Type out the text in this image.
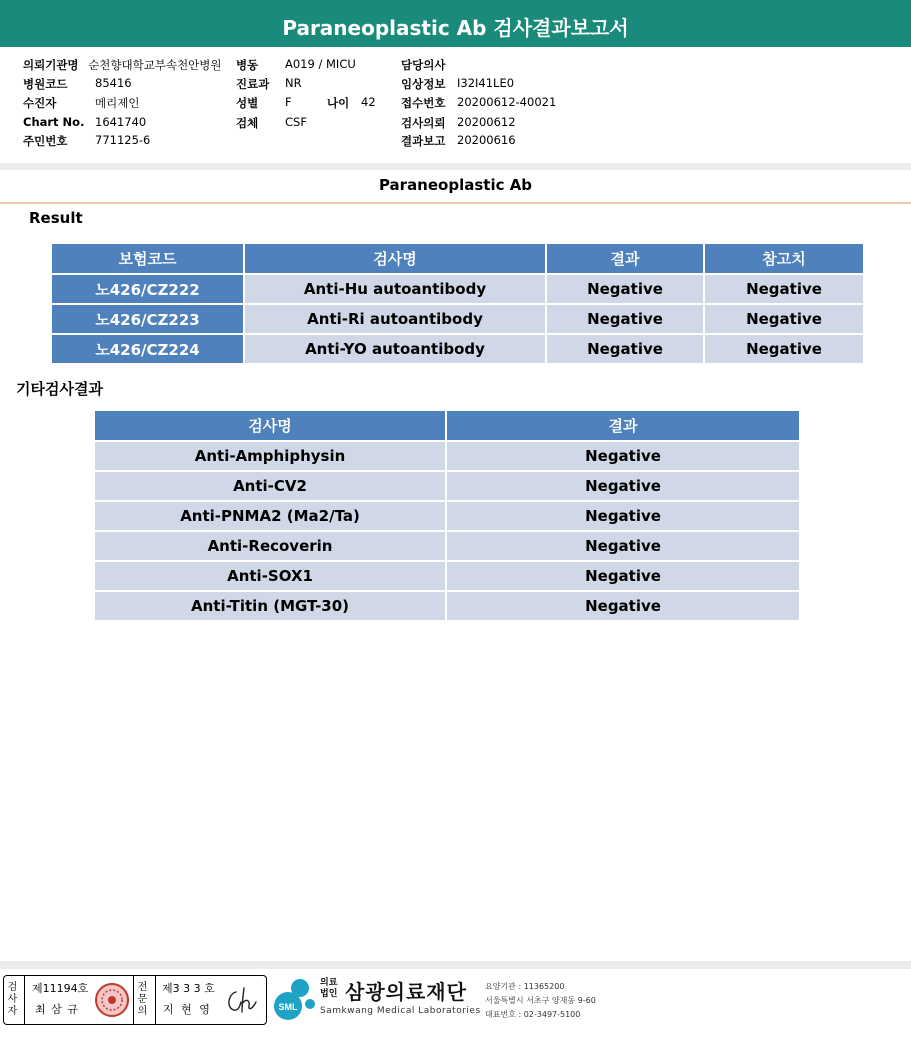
Paraneoplastic Ab 검사결과보고서
의뢰기관명 순천향대학교부속천안병원 병동 A019 / MICU	담당의사
병원코드 85416	진료과 NR	임상정보 I32I41LE0
수진자	메리제인	성별 F	나이 42 접수번호 20200612-40021
Chart No. 1641740	검체 CSF	검사의뢰 20200612
주민번호 771125-6	결과보고 20200616
Paraneoplastic Ab
Result
보험코드	검사명	결과	참고치
노426/CZ222	Anti-Hu autoantibody	Negative	Negative
노426/CZ223	Anti-Ri autoantibody	Negative	Negative
노426/CZ224	Anti-YO autoantibody	Negative	Negative
기타검사결과
검사명	결과
Anti-Amphiphysin	Negative
Anti-CV2	Negative
Anti-PNMA2 (Ma2/Ta)	Negative
Anti-Recoverin	Negative
Anti-SOX1	Negative
Anti-Titin (MGT-30)	Negative
검사자
제11194호
최 삼 규
전문의
제3 3 3 호
지 현 영	SML
의료법인 삼광의료재단
Samkwang Medical Laboratories
요양기관 : 11365200
서울특별시 서초구 양재동 9-60
대표번호 : 02-3497-5100
